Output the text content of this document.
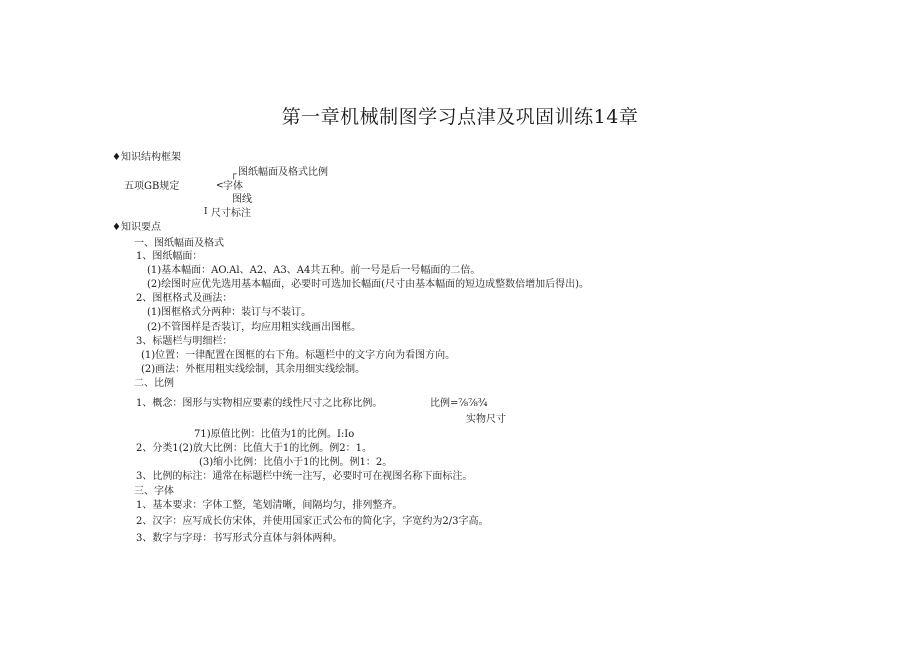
第一章机械制图学习点津及巩固训练14章
♦知识结构框架
┌ 图纸幅面及格式比例
五项GB规定	< 字体
图线
I 尺寸标注
♦知识要点
一、图纸幅面及格式
1、图纸幅面：
(1)基本幅面：AO.Al、A2、A3、A4共五种。前一号是后一号幅面的二倍。
(2)绘图时应优先选用基本幅面，必要时可选加长幅面(尺寸由基本幅面的短边成整数倍增加后得出)。
2、图框格式及画法：
(1)图框格式分两种：装订与不装订。
(2)不管图样是否装订，均应用粗实线画出图框。
3、标题栏与明细栏：
(1)位置：一律配置在图框的右下角。标题栏中的文字方向为看图方向。
(2)画法：外框用粗实线绘制，其余用细实线绘制。
二、比例
1、概念：图形与实物相应要素的线性尺寸之比称比例。	比例=⅞⅞¾
实物尺寸
71)原值比例：比值为1的比例。I:Io
2、分类1(2)放大比例：比值大于1的比例。例2：1。
(3)缩小比例：比值小于1的比例。例1：2。
3、比例的标注：通常在标题栏中统一注写，必要时可在视图名称下面标注。
三、字体
1、基本要求：字体工整，笔划清晰，间隔均匀，排列整齐。
2、汉字：应写成长仿宋体，并使用国家正式公布的简化字，字宽约为2/3字高。
3、数字与字母：书写形式分直体与斜体两种。
